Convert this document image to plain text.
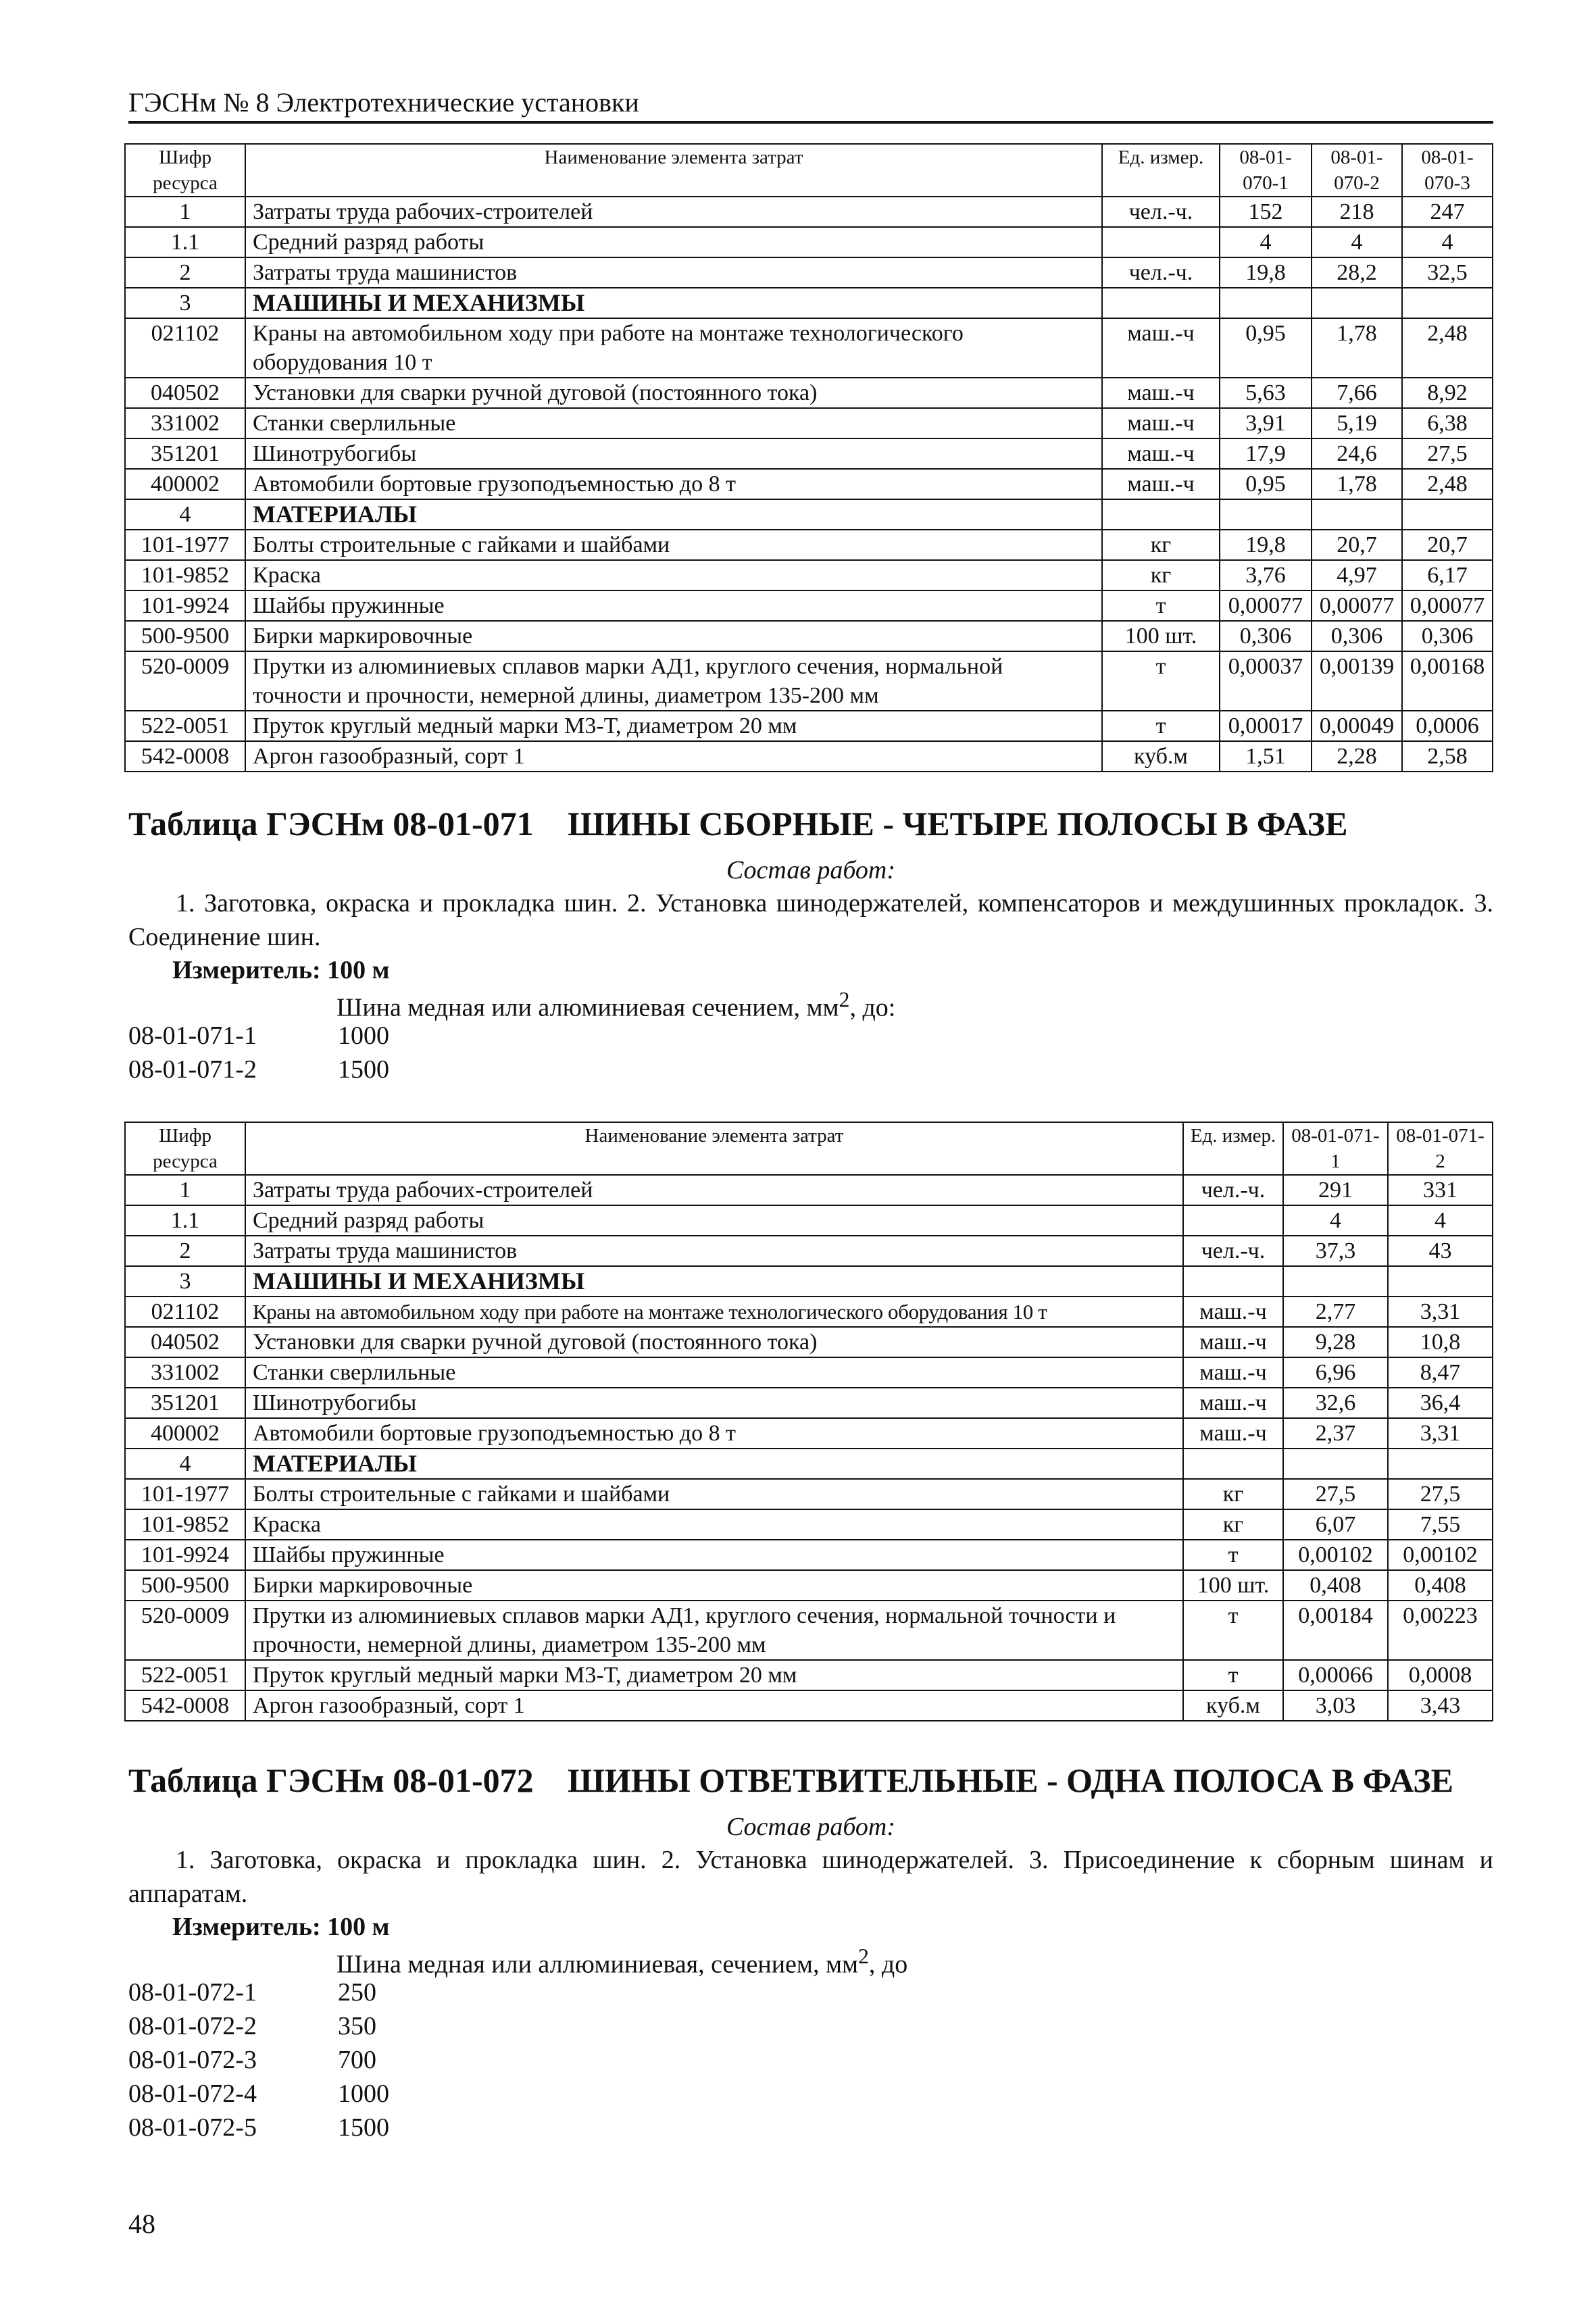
ГЭСНм № 8 Электротехнические установки
Шифр ресурса	Наименование элемента затрат	Ед. измер.	08-01-070-1	08-01-070-2	08-01-070-3
1	Затраты труда рабочих-строителей	чел.-ч.	152	218	247
1.1	Средний разряд работы		4	4	4
2	Затраты труда машинистов	чел.-ч.	19,8	28,2	32,5
3	МАШИНЫ И МЕХАНИЗМЫ				
021102	Краны на автомобильном ходу при работе на монтаже технологического оборудования 10 т	маш.-ч	0,95	1,78	2,48
040502	Установки для сварки ручной дуговой (постоянного тока)	маш.-ч	5,63	7,66	8,92
331002	Станки сверлильные	маш.-ч	3,91	5,19	6,38
351201	Шинотрубогибы	маш.-ч	17,9	24,6	27,5
400002	Автомобили бортовые грузоподъемностью до 8 т	маш.-ч	0,95	1,78	2,48
4	МАТЕРИАЛЫ				
101-1977	Болты строительные с гайками и шайбами	кг	19,8	20,7	20,7
101-9852	Краска	кг	3,76	4,97	6,17
101-9924	Шайбы пружинные	т	0,00077	0,00077	0,00077
500-9500	Бирки маркировочные	100 шт.	0,306	0,306	0,306
520-0009	Прутки из алюминиевых сплавов марки АД1, круглого сечения, нормальной точности и прочности, немерной длины, диаметром 135-200 мм	т	0,00037	0,00139	0,00168
522-0051	Пруток круглый медный марки М3-Т, диаметром 20 мм	т	0,00017	0,00049	0,0006
542-0008	Аргон газообразный, сорт 1	куб.м	1,51	2,28	2,58
Таблица ГЭСНм 08-01-071 ШИНЫ СБОРНЫЕ - ЧЕТЫРЕ ПОЛОСЫ В ФАЗЕ
Состав работ:
1. Заготовка, окраска и прокладка шин. 2. Установка шинодержателей, компенсаторов и междушинных прокладок. 3. Соединение шин.
Измеритель: 100 м
Шина медная или алюминиевая сечением, $мм^2$, до:
08-01-071-1	1000
08-01-071-2	1500
Шифр ресурса	Наименование элемента затрат	Ед. измер.	08-01-071-1	08-01-071-2
1	Затраты труда рабочих-строителей	чел.-ч.	291	331
1.1	Средний разряд работы		4	4
2	Затраты труда машинистов	чел.-ч.	37,3	43
3	МАШИНЫ И МЕХАНИЗМЫ			
021102	Краны на автомобильном ходу при работе на монтаже технологического оборудования 10 т	маш.-ч	2,77	3,31
040502	Установки для сварки ручной дуговой (постоянного тока)	маш.-ч	9,28	10,8
331002	Станки сверлильные	маш.-ч	6,96	8,47
351201	Шинотрубогибы	маш.-ч	32,6	36,4
400002	Автомобили бортовые грузоподъемностью до 8 т	маш.-ч	2,37	3,31
4	МАТЕРИАЛЫ			
101-1977	Болты строительные с гайками и шайбами	кг	27,5	27,5
101-9852	Краска	кг	6,07	7,55
101-9924	Шайбы пружинные	т	0,00102	0,00102
500-9500	Бирки маркировочные	100 шт.	0,408	0,408
520-0009	Прутки из алюминиевых сплавов марки АД1, круглого сечения, нормальной точности и прочности, немерной длины, диаметром 135-200 мм	т	0,00184	0,00223
522-0051	Пруток круглый медный марки М3-Т, диаметром 20 мм	т	0,00066	0,0008
542-0008	Аргон газообразный, сорт 1	куб.м	3,03	3,43
Таблица ГЭСНм 08-01-072 ШИНЫ ОТВЕТВИТЕЛЬНЫЕ - ОДНА ПОЛОСА В ФАЗЕ
Состав работ:
1. Заготовка, окраска и прокладка шин. 2. Установка шинодержателей. 3. Присоединение к сборным шинам и аппаратам.
Измеритель: 100 м
Шина медная или аллюминиевая, сечением, $мм^2$, до
08-01-072-1	250
08-01-072-2	350
08-01-072-3	700
08-01-072-4	1000
08-01-072-5	1500
48
